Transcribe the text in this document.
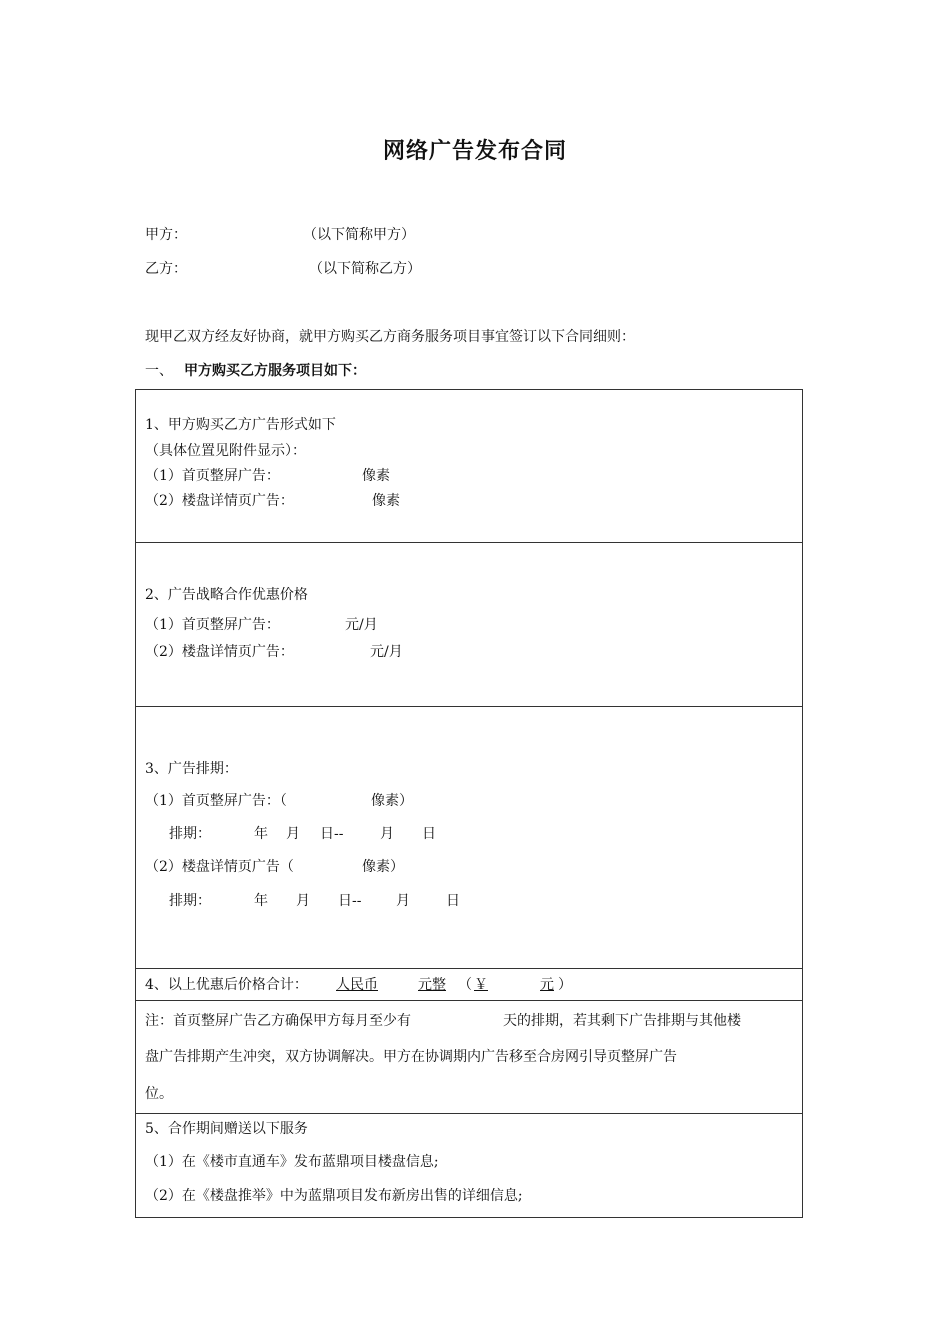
网络广告发布合同
甲方：	（以下简称甲方）
乙方：	（以下简称乙方）
现甲乙双方经友好协商，就甲方购买乙方商务服务项目事宜签订以下合同细则：
一、 甲方购买乙方服务项目如下：
1、甲方购买乙方广告形式如下
（具体位置见附件显示）：
（1）首页整屏广告：	像素
（2）楼盘详情页广告：	像素
2、广告战略合作优惠价格
（1）首页整屏广告：	元/月
（2）楼盘详情页广告：	元/月
3、广告排期：
（1）首页整屏广告：（	像素）
排期：	年 月 日--	月 日
（2）楼盘详情页广告（	像素）
排期：	年 月 日-- 月	日
4、以上优惠后价格合计： 人民币	元整 （ ￥	元 ）
注：首页整屏广告乙方确保甲方每月至少有	天的排期，若其剩下广告排期与其他楼
盘广告排期产生冲突，双方协调解决。甲方在协调期内广告移至合房网引导页整屏广告
位。
5、合作期间赠送以下服务
（1）在《楼市直通车》发布蓝鼎项目楼盘信息;
（2）在《楼盘推举》中为蓝鼎项目发布新房出售的详细信息;
